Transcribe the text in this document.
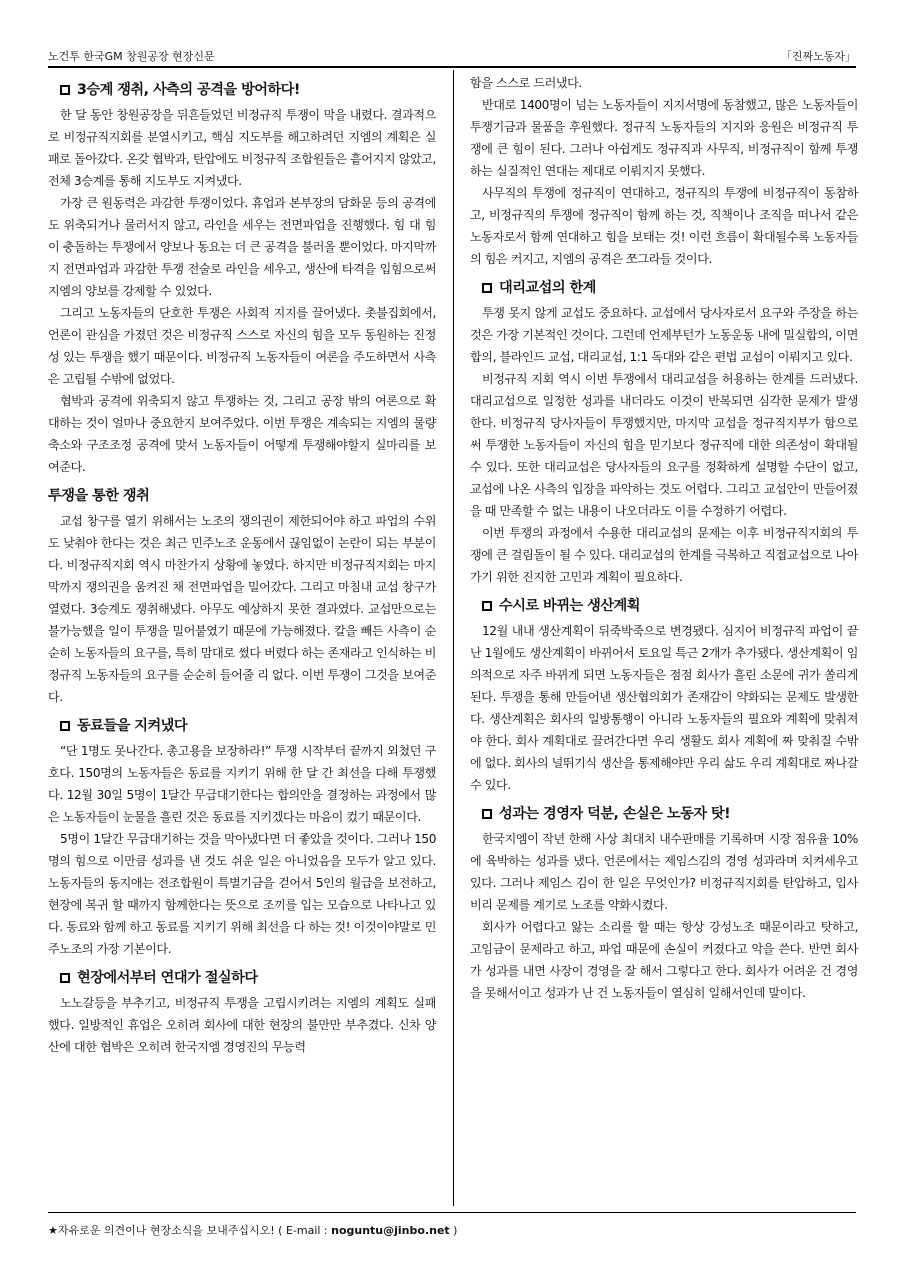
노건투 한국GM 창원공장 현장신문	「진짜노동자」
3승계 쟁취, 사측의 공격을 방어하다!

한 달 동안 창원공장을 뒤흔들었던 비정규직 투쟁이 막을 내렸다. 결과적으로 비정규직지회를 분열시키고, 핵심 지도부를 해고하려던 지엠의 계획은 실패로 돌아갔다. 온갖 협박과, 탄압에도 비정규직 조합원들은 흩어지지 않았고, 전체 3승계를 통해 지도부도 지켜냈다.

가장 큰 원동력은 과감한 투쟁이었다. 휴업과 본부장의 담화문 등의 공격에도 위축되거나 물러서지 않고, 라인을 세우는 전면파업을 진행했다. 힘 대 힘이 충돌하는 투쟁에서 양보나 동요는 더 큰 공격을 불러올 뿐이었다. 마지막까지 전면파업과 과감한 투쟁 전술로 라인을 세우고, 생산에 타격을 입힘으로써 지엠의 양보를 강제할 수 있었다.

그리고 노동자들의 단호한 투쟁은 사회적 지지를 끌어냈다. 촛불집회에서, 언론이 관심을 가졌던 것은 비정규직 스스로 자신의 힘을 모두 동원하는 진정성 있는 투쟁을 했기 때문이다. 비정규직 노동자들이 여론을 주도하면서 사측은 고립될 수밖에 없었다.

협박과 공격에 위축되지 않고 투쟁하는 것, 그리고 공장 밖의 여론으로 확대하는 것이 얼마나 중요한지 보여주었다. 이번 투쟁은 계속되는 지엠의 물량축소와 구조조정 공격에 맞서 노동자들이 어떻게 투쟁해야할지 실마리를 보여준다.

투쟁을 통한 쟁취

교섭 창구를 열기 위해서는 노조의 쟁의권이 제한되어야 하고 파업의 수위도 낮춰야 한다는 것은 최근 민주노조 운동에서 끊임없이 논란이 되는 부분이다. 비정규직지회 역시 마찬가지 상황에 놓였다. 하지만 비정규직지회는 마지막까지 쟁의권을 움켜진 채 전면파업을 밀어갔다. 그리고 마침내 교섭 창구가 열렸다. 3승계도 쟁취해냈다. 아무도 예상하지 못한 결과였다. 교섭만으로는 불가능했을 일이 투쟁을 밀어붙였기 때문에 가능해졌다. 칼을 빼든 사측이 순순히 노동자들의 요구를, 특히 맘대로 썼다 버렸다 하는 존재라고 인식하는 비정규직 노동자들의 요구를 순순히 들어줄 리 없다. 이번 투쟁이 그것을 보여준다.

동료들을 지켜냈다

“단 1명도 못나간다. 총고용을 보장하라!” 투쟁 시작부터 끝까지 외쳤던 구호다. 150명의 노동자들은 동료를 지키기 위해 한 달 간 최선을 다해 투쟁했다. 12월 30일 5명이 1달간 무급대기한다는 합의안을 결정하는 과정에서 많은 노동자들이 눈물을 흘린 것은 동료를 지키겠다는 마음이 컸기 때문이다.

5명이 1달간 무급대기하는 것을 막아냈다면 더 좋았을 것이다. 그러나 150명의 힘으로 이만큼 성과를 낸 것도 쉬운 일은 아니었음을 모두가 알고 있다. 노동자들의 동지애는 전조합원이 특별기금을 걷어서 5인의 월급을 보전하고, 현장에 복귀 할 때까지 함께한다는 뜻으로 조끼를 입는 모습으로 나타나고 있다. 동료와 함께 하고 동료를 지키기 위해 최선을 다 하는 것! 이것이야말로 민주노조의 가장 기본이다.

현장에서부터 연대가 절실하다

노노갈등을 부추기고, 비정규직 투쟁을 고립시키려는 지엠의 계획도 실패했다. 일방적인 휴업은 오히려 회사에 대한 현장의 불만만 부추겼다. 신차 양산에 대한 협박은 오히려 한국지엠 경영진의 무능력

함을 스스로 드러냈다.

반대로 1400명이 넘는 노동자들이 지지서명에 동참했고, 많은 노동자들이 투쟁기금과 물품을 후원했다. 정규직 노동자들의 지지와 응원은 비정규직 투쟁에 큰 힘이 된다. 그러나 아쉽게도 정규직과 사무직, 비정규직이 함께 투쟁하는 실질적인 연대는 제대로 이뤄지지 못했다.

사무직의 투쟁에 정규직이 연대하고, 정규직의 투쟁에 비정규직이 동참하고, 비정규직의 투쟁에 정규직이 함께 하는 것, 직책이나 조직을 떠나서 같은 노동자로서 함께 연대하고 힘을 보태는 것! 이런 흐름이 확대될수록 노동자들의 힘은 커지고, 지엠의 공격은 쪼그라들 것이다.

대리교섭의 한계

투쟁 못지 않게 교섭도 중요하다. 교섭에서 당사자로서 요구와 주장을 하는 것은 가장 기본적인 것이다. 그런데 언제부턴가 노동운동 내에 밀실합의, 이면합의, 블라인드 교섭, 대리교섭, 1:1 독대와 같은 편법 교섭이 이뤄지고 있다.

비정규직 지회 역시 이번 투쟁에서 대리교섭을 허용하는 한계를 드러냈다. 대리교섭으로 일정한 성과를 내더라도 이것이 반복되면 심각한 문제가 발생한다. 비정규직 당사자들이 투쟁했지만, 마지막 교섭을 정규직지부가 함으로써 투쟁한 노동자들이 자신의 힘을 믿기보다 정규직에 대한 의존성이 확대될 수 있다. 또한 대리교섭은 당사자들의 요구를 정확하게 설명할 수단이 없고, 교섭에 나온 사측의 입장을 파악하는 것도 어렵다. 그리고 교섭안이 만들어졌을 때 만족할 수 없는 내용이 나오더라도 이를 수정하기 어렵다.

이번 투쟁의 과정에서 수용한 대리교섭의 문제는 이후 비정규직지회의 투쟁에 큰 걸림돌이 될 수 있다. 대리교섭의 한계를 극복하고 직접교섭으로 나아가기 위한 진지한 고민과 계획이 필요하다.

수시로 바뀌는 생산계획

12월 내내 생산계획이 뒤죽박죽으로 변경됐다. 심지어 비정규직 파업이 끝난 1월에도 생산계획이 바뀌어서 토요일 특근 2개가 추가됐다. 생산계획이 임의적으로 자주 바뀌게 되면 노동자들은 점점 회사가 흘린 소문에 귀가 쏠리게 된다. 투쟁을 통해 만들어낸 생산협의회가 존재감이 약화되는 문제도 발생한다. 생산계획은 회사의 일방통행이 아니라 노동자들의 필요와 계획에 맞춰져야 한다. 회사 계획대로 끌려간다면 우리 생활도 회사 계획에 짜 맞춰질 수밖에 없다. 회사의 널뛰기식 생산을 통제해야만 우리 삶도 우리 계획대로 짜나갈 수 있다.

성과는 경영자 덕분, 손실은 노동자 탓!

한국지엠이 작년 한해 사상 최대치 내수판매를 기록하며 시장 점유율 10%에 육박하는 성과를 냈다. 언론에서는 제임스김의 경영 성과라며 치켜세우고 있다. 그러나 제임스 김이 한 일은 무엇인가? 비정규직지회를 탄압하고, 입사비리 문제를 계기로 노조를 약화시켰다.

회사가 어렵다고 앓는 소리를 할 때는 항상 강성노조 때문이라고 탓하고, 고임금이 문제라고 하고, 파업 때문에 손실이 커졌다고 악을 쓴다. 반면 회사가 성과를 내면 사장이 경영을 잘 해서 그렇다고 한다. 회사가 어려운 건 경영을 못해서이고 성과가 난 건 노동자들이 열심히 일해서인데 말이다.

★자유로운 의견이나 현장소식을 보내주십시오! ( E-mail : noguntu@jinbo.net )
